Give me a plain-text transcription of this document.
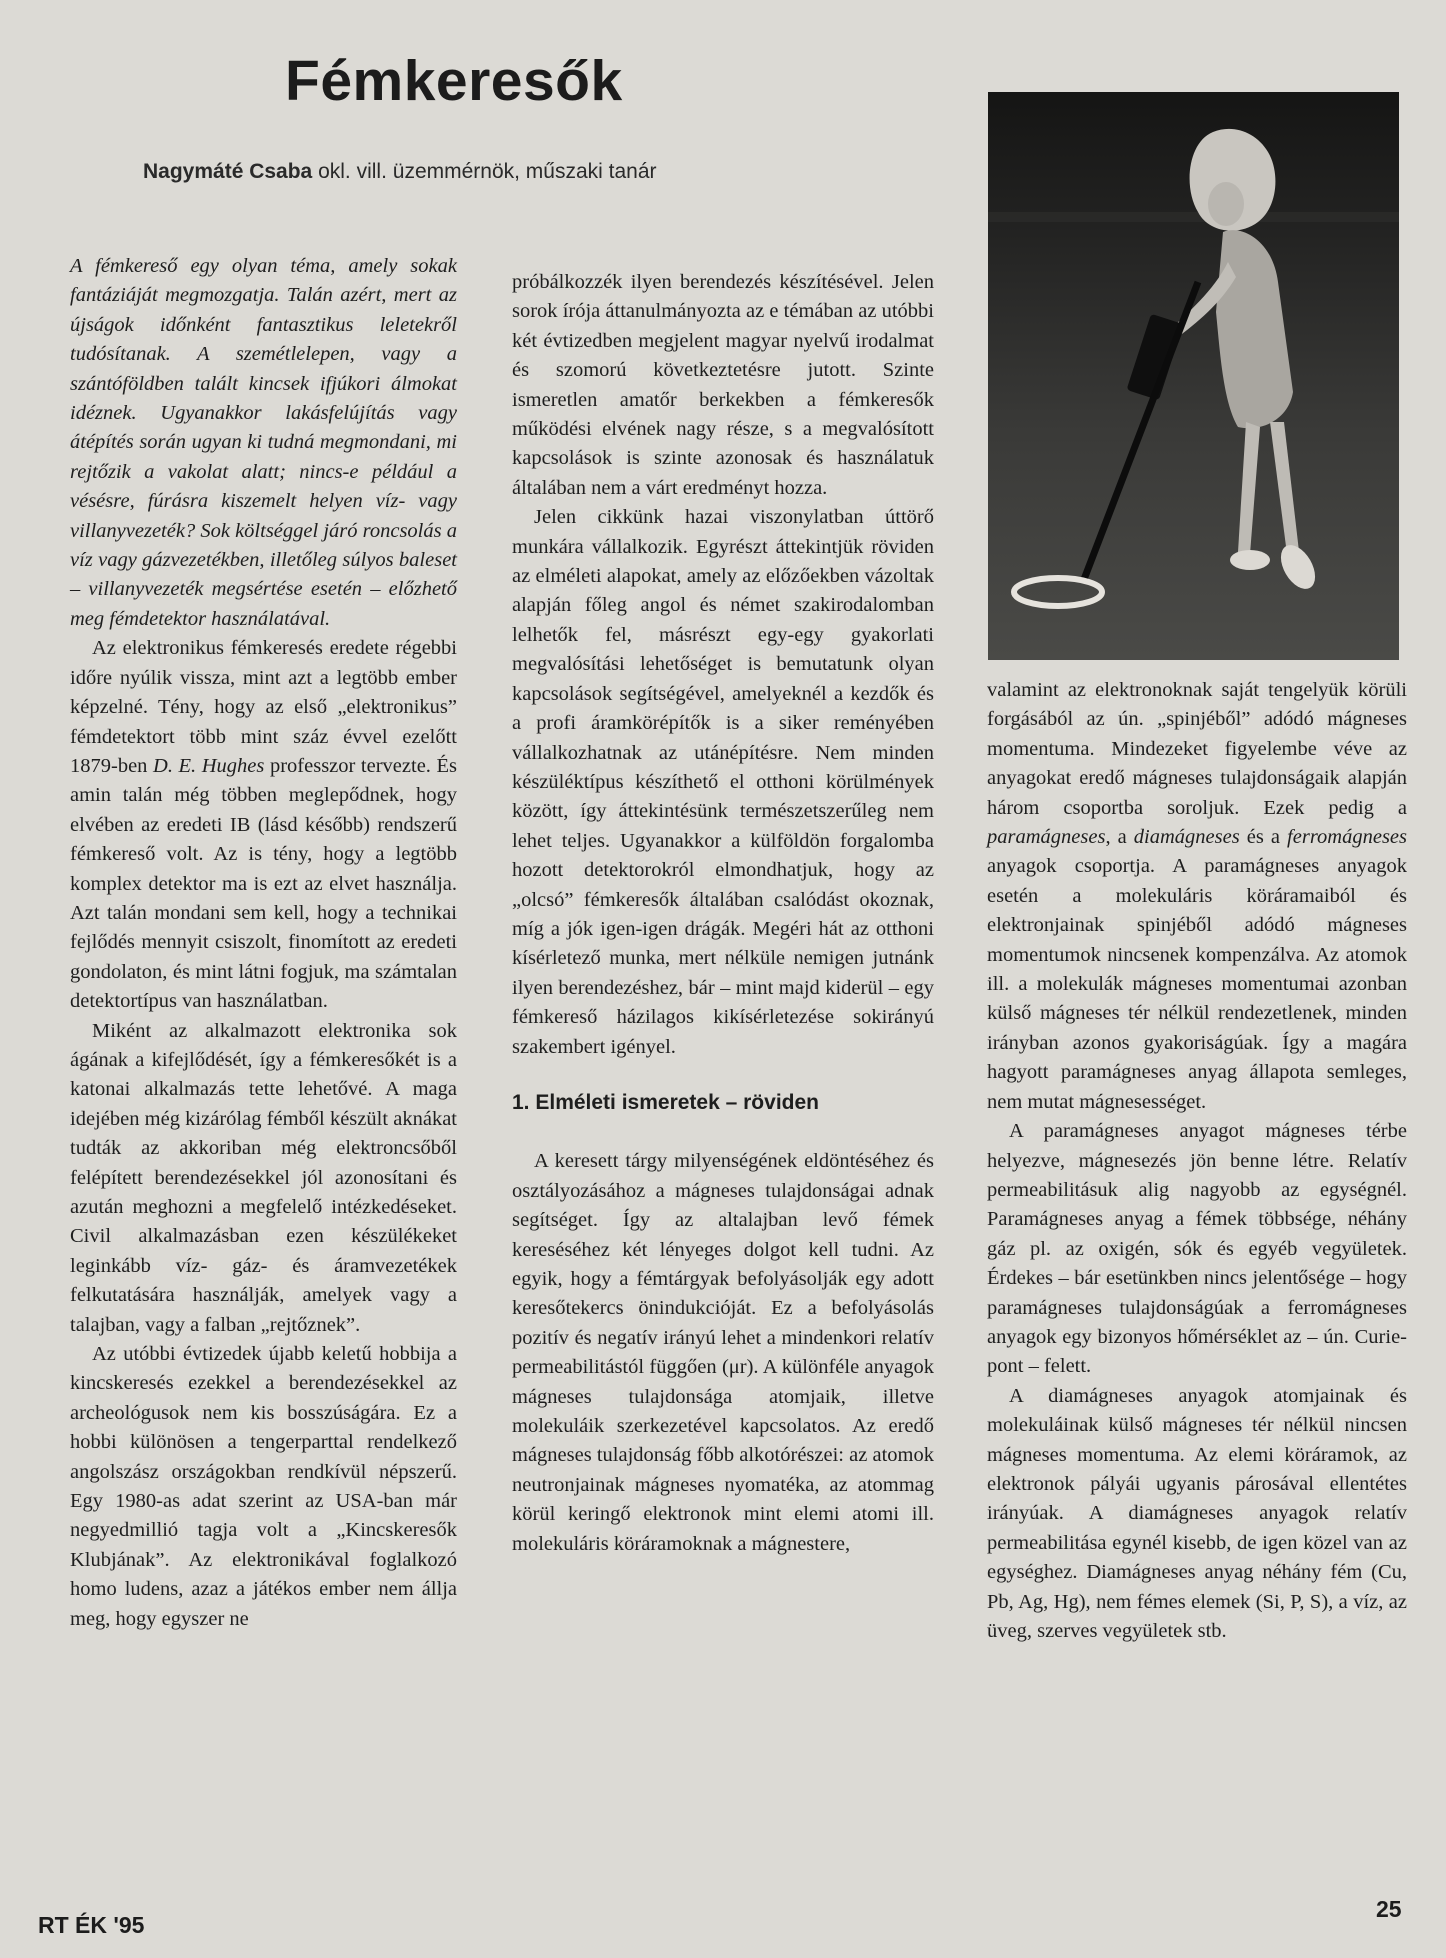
Fémkeresők
Nagymáté Csaba okl. vill. üzemmérnök, műszaki tanár

A fémkereső egy olyan téma, amely sokak fantáziáját megmozgatja. Talán azért, mert az újságok időnként fantasztikus leletekről tudósítanak. A szemétlelepen, vagy a szántóföldben talált kincsek ifjúkori álmokat idéznek. Ugyanakkor lakásfelújítás vagy átépítés során ugyan ki tudná megmondani, mi rejtőzik a vakolat alatt; nincs-e például a vésésre, fúrásra kiszemelt helyen víz- vagy villanyvezeték? Sok költséggel járó roncsolás a víz vagy gázvezetékben, illetőleg súlyos baleset – villanyvezeték megsértése esetén – előzhető meg fémdetektor használatával.

Az elektronikus fémkeresés eredete régebbi időre nyúlik vissza, mint azt a legtöbb ember képzelné. Tény, hogy az első „elektronikus” fémdetektort több mint száz évvel ezelőtt 1879-ben D. E. Hughes professzor tervezte. És amin talán még többen meglepődnek, hogy elvében az eredeti IB (lásd később) rendszerű fémkereső volt. Az is tény, hogy a legtöbb komplex detektor ma is ezt az elvet használja. Azt talán mondani sem kell, hogy a technikai fejlődés mennyit csiszolt, finomított az eredeti gondolaton, és mint látni fogjuk, ma számtalan detektortípus van használatban.

Miként az alkalmazott elektronika sok ágának a kifejlődését, így a fémkeresőkét is a katonai alkalmazás tette lehetővé. A maga idejében még kizárólag fémből készült aknákat tudták az akkoriban még elektroncsőből felépített berendezésekkel jól azonosítani és azután meghozni a megfelelő intézkedéseket. Civil alkalmazásban ezen készülékeket leginkább víz- gáz- és áramvezetékek felkutatására használják, amelyek vagy a talajban, vagy a falban „rejtőznek”.

Az utóbbi évtizedek újabb keletű hobbija a kincskeresés ezekkel a berendezésekkel az archeológusok nem kis bosszúságára. Ez a hobbi különösen a tengerparttal rendelkező angolszász országokban rendkívül népszerű. Egy 1980-as adat szerint az USA-ban már negyedmillió tagja volt a „Kincskeresők Klubjának”. Az elektronikával foglalkozó homo ludens, azaz a játékos ember nem állja meg, hogy egyszer ne

próbálkozzék ilyen berendezés készítésével. Jelen sorok írója áttanulmányozta az e témában az utóbbi két évtizedben megjelent magyar nyelvű irodalmat és szomorú következtetésre jutott. Szinte ismeretlen amatőr berkekben a fémkeresők működési elvének nagy része, s a megvalósított kapcsolások is szinte azonosak és használatuk általában nem a várt eredményt hozza.

Jelen cikkünk hazai viszonylatban úttörő munkára vállalkozik. Egyrészt áttekintjük röviden az elméleti alapokat, amely az előzőekben vázoltak alapján főleg angol és német szakirodalomban lelhetők fel, másrészt egy-egy gyakorlati megvalósítási lehetőséget is bemutatunk olyan kapcsolások segítségével, amelyeknél a kezdők és a profi áramkörépítők is a siker reményében vállalkozhatnak az utánépítésre. Nem minden készüléktípus készíthető el otthoni körülmények között, így áttekintésünk természetszerűleg nem lehet teljes. Ugyanakkor a külföldön forgalomba hozott detektorokról elmondhatjuk, hogy az „olcsó” fémkeresők általában csalódást okoznak, míg a jók igen-igen drágák. Megéri hát az otthoni kísérletező munka, mert nélküle nemigen jutnánk ilyen berendezéshez, bár – mint majd kiderül – egy fémkereső házilagos kikísérletezése sokirányú szakembert igényel.

1. Elméleti ismeretek – röviden

A keresett tárgy milyenségének eldöntéséhez és osztályozásához a mágneses tulajdonságai adnak segítséget. Így az altalajban levő fémek kereséséhez két lényeges dolgot kell tudni. Az egyik, hogy a fémtárgyak befolyásolják egy adott keresőtekercs önindukcióját. Ez a befolyásolás pozitív és negatív irányú lehet a mindenkori relatív permeabilitástól függően (μr). A különféle anyagok mágneses tulajdonsága atomjaik, illetve molekuláik szerkezetével kapcsolatos. Az eredő mágneses tulajdonság főbb alkotórészei: az atomok neutronjainak mágneses nyomatéka, az atommag körül keringő elektronok mint elemi atomi ill. molekuláris köráramoknak a mágnestere,

valamint az elektronoknak saját tengelyük körüli forgásából az ún. „spinjéből” adódó mágneses momentuma. Mindezeket figyelembe véve az anyagokat eredő mágneses tulajdonságaik alapján három csoportba soroljuk. Ezek pedig a paramágneses, a diamágneses és a ferromágneses anyagok csoportja. A paramágneses anyagok esetén a molekuláris köráramaiból és elektronjainak spinjéből adódó mágneses momentumok nincsenek kompenzálva. Az atomok ill. a molekulák mágneses momentumai azonban külső mágneses tér nélkül rendezetlenek, minden irányban azonos gyakoriságúak. Így a magára hagyott paramágneses anyag állapota semleges, nem mutat mágnesességet.

A paramágneses anyagot mágneses térbe helyezve, mágnesezés jön benne létre. Relatív permeabilitásuk alig nagyobb az egységnél. Paramágneses anyag a fémek többsége, néhány gáz pl. az oxigén, sók és egyéb vegyületek. Érdekes – bár esetünkben nincs jelentősége – hogy paramágneses tulajdonságúak a ferromágneses anyagok egy bizonyos hőmérséklet az – ún. Curie-pont – felett.

A diamágneses anyagok atomjainak és molekuláinak külső mágneses tér nélkül nincsen mágneses momentuma. Az elemi köráramok, az elektronok pályái ugyanis párosával ellentétes irányúak. A diamágneses anyagok relatív permeabilitása egynél kisebb, de igen közel van az egységhez. Diamágneses anyag néhány fém (Cu, Pb, Ag, Hg), nem fémes elemek (Si, P, S), a víz, az üveg, szerves vegyületek stb.

RT ÉK '95
25
